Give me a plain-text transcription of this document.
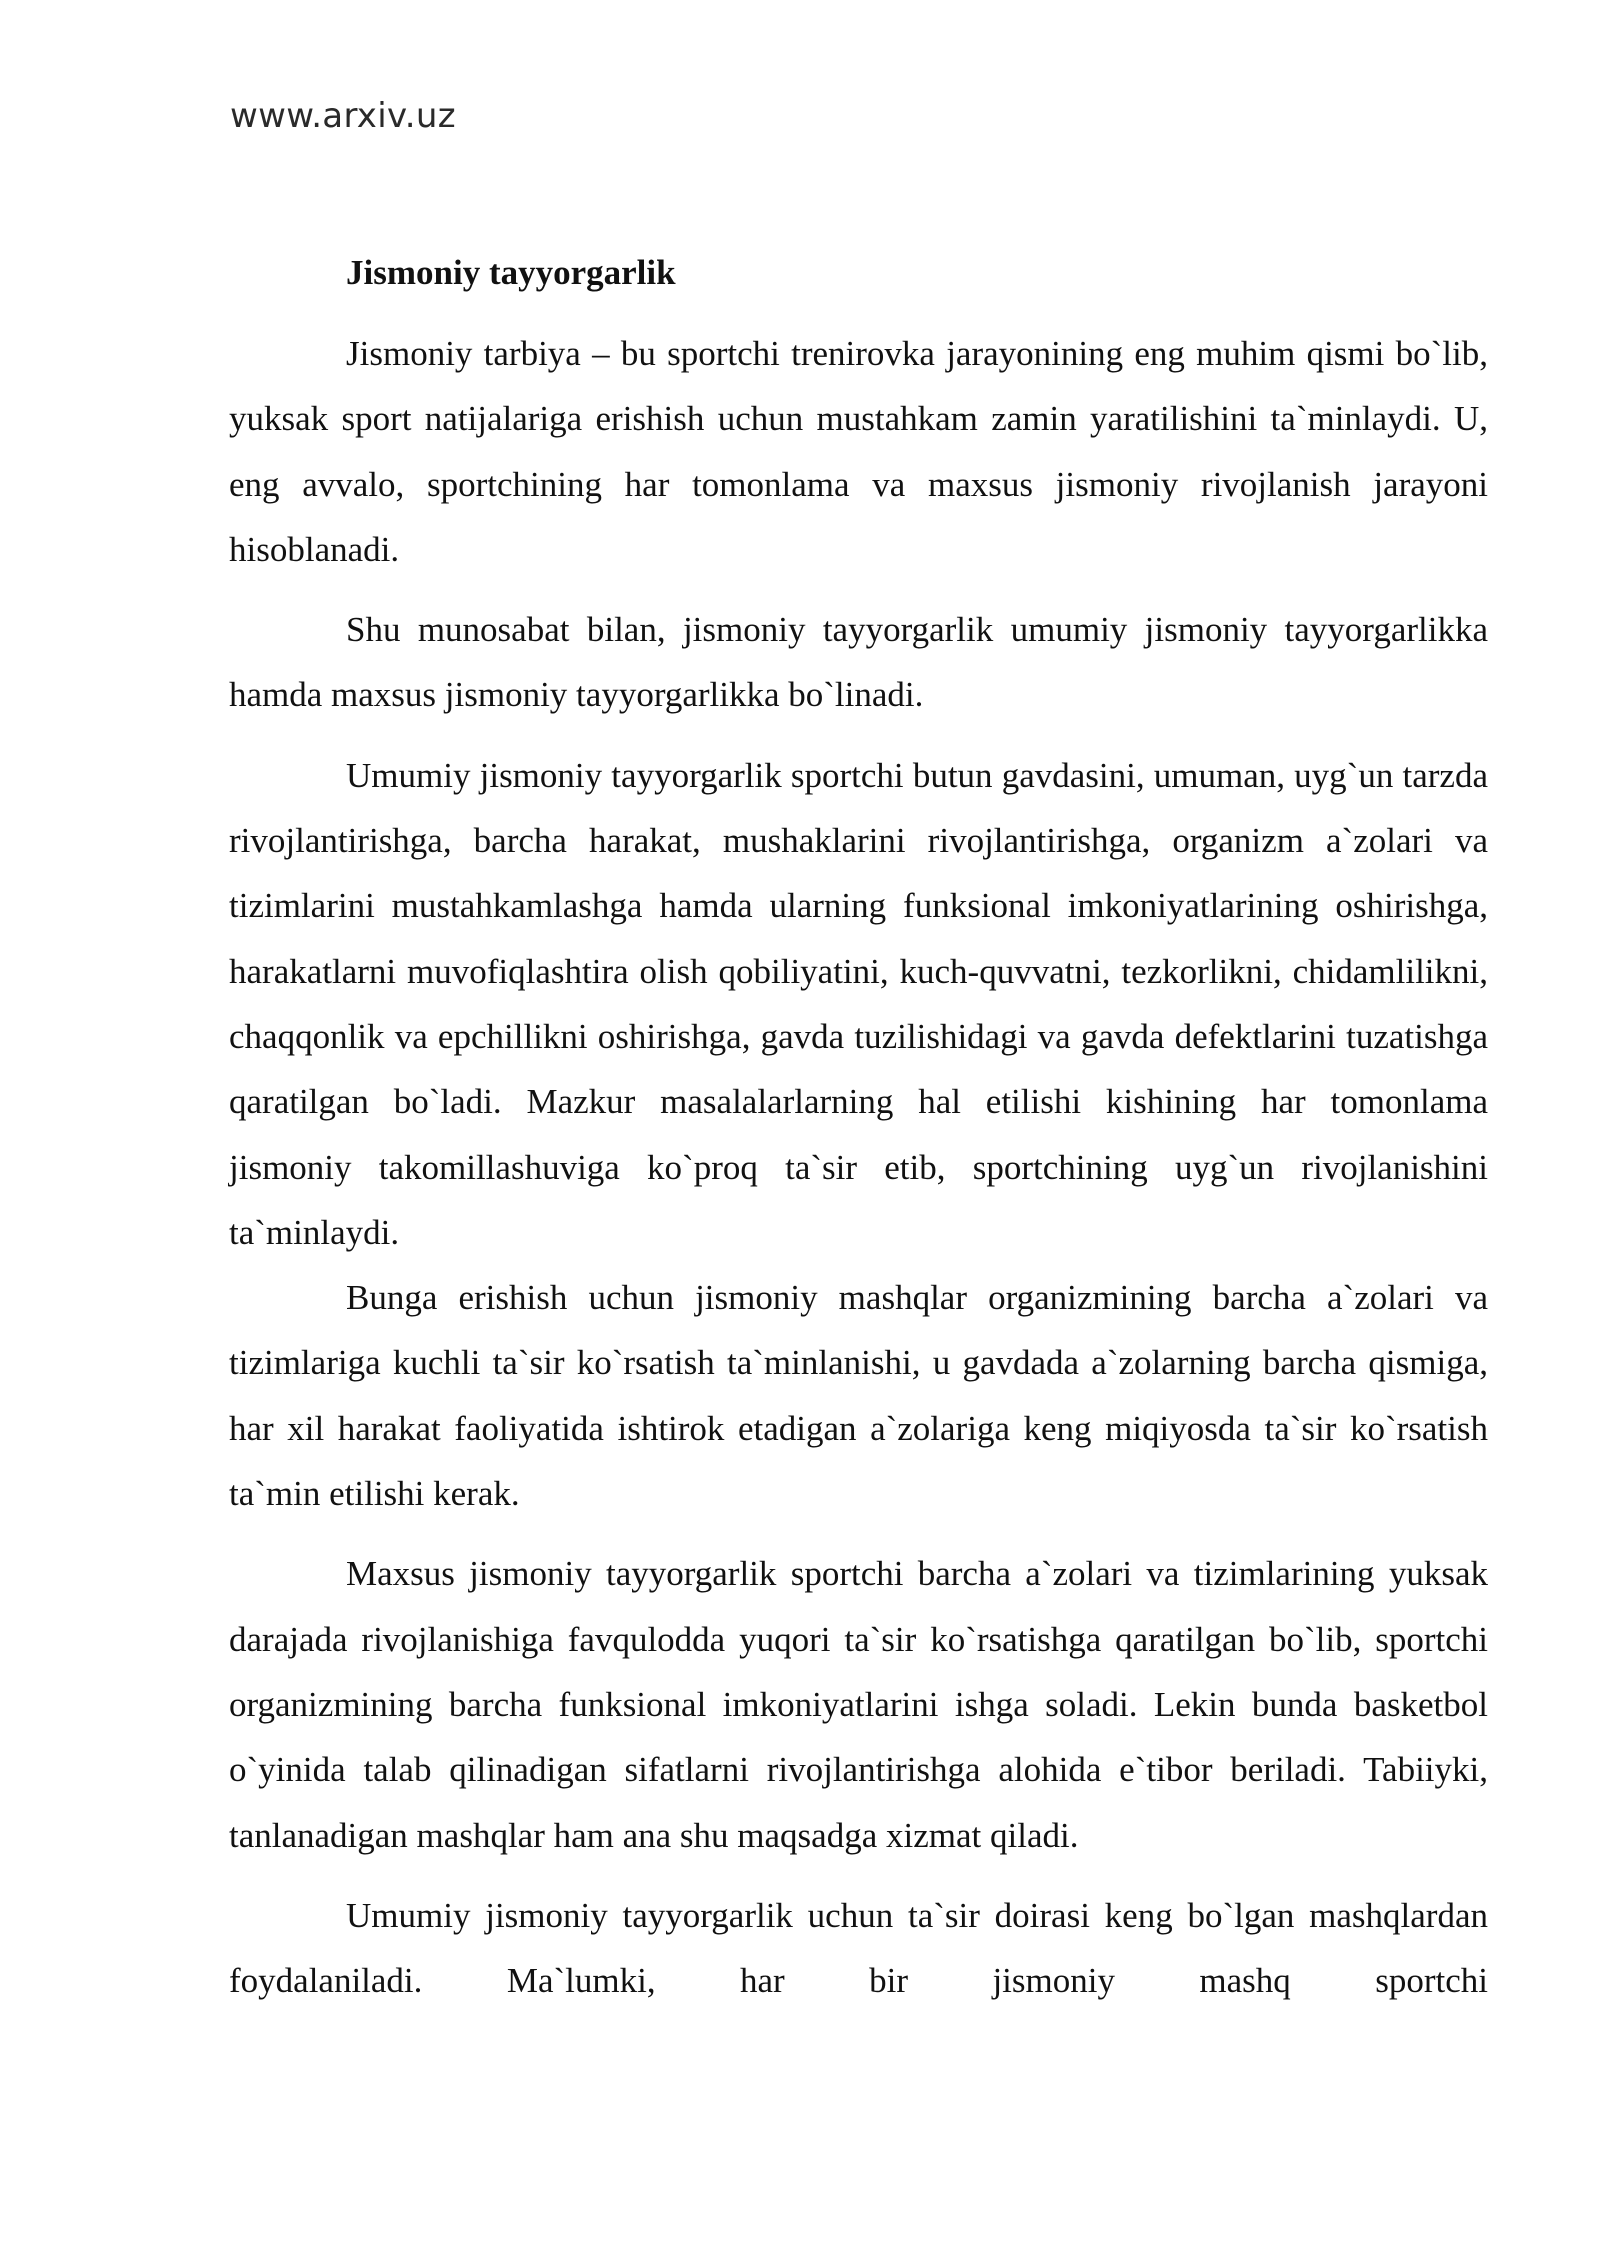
www.arxiv.uz
Jismoniy tayyorgarlik

Jismoniy tarbiya – bu sportchi trenirovka jarayonining eng muhim qismi bo`lib, yuksak sport natijalariga erishish uchun mustahkam zamin yaratilishini ta`minlaydi. U, eng avvalo, sportchining har tomonlama va maxsus jismoniy rivojlanish jarayoni hisoblanadi.

Shu munosabat bilan, jismoniy tayyorgarlik umumiy jismoniy tayyorgarlikka hamda maxsus jismoniy tayyorgarlikka bo`linadi.

Umumiy jismoniy tayyorgarlik sportchi butun gavdasini, umuman, uyg`un tarzda rivojlantirishga, barcha harakat, mushaklarini rivojlantirishga, organizm a`zolari va tizimlarini mustahkamlashga hamda ularning funksional imkoniyatlarining oshirishga, harakatlarni muvofiqlashtira olish qobiliyatini, kuch-quvvatni, tezkorlikni, chidamlilikni, chaqqonlik va epchillikni oshirishga, gavda tuzilishidagi va gavda defektlarini tuzatishga qaratilgan bo`ladi. Mazkur masalalarlarning hal etilishi kishining har tomonlama jismoniy takomillashuviga ko`proq ta`sir etib, sportchining uyg`un rivojlanishini ta`minlaydi.

Bunga erishish uchun jismoniy mashqlar organizmining barcha a`zolari va tizimlariga kuchli ta`sir ko`rsatish ta`minlanishi, u gavdada a`zolarning barcha qismiga, har xil harakat faoliyatida ishtirok etadigan a`zolariga keng miqiyosda ta`sir ko`rsatish ta`min etilishi kerak.

Maxsus jismoniy tayyorgarlik sportchi barcha a`zolari va tizimlarining yuksak darajada rivojlanishiga favqulodda yuqori ta`sir ko`rsatishga qaratilgan bo`lib, sportchi organizmining barcha funksional imkoniyatlarini ishga soladi. Lekin bunda basketbol o`yinida talab qilinadigan sifatlarni rivojlantirishga alohida e`tibor beriladi. Tabiiyki, tanlanadigan mashqlar ham ana shu maqsadga xizmat qiladi.

Umumiy jismoniy tayyorgarlik uchun ta`sir doirasi keng bo`lgan mashqlardan foydalaniladi. Ma`lumki, har bir jismoniy mashq sportchi
